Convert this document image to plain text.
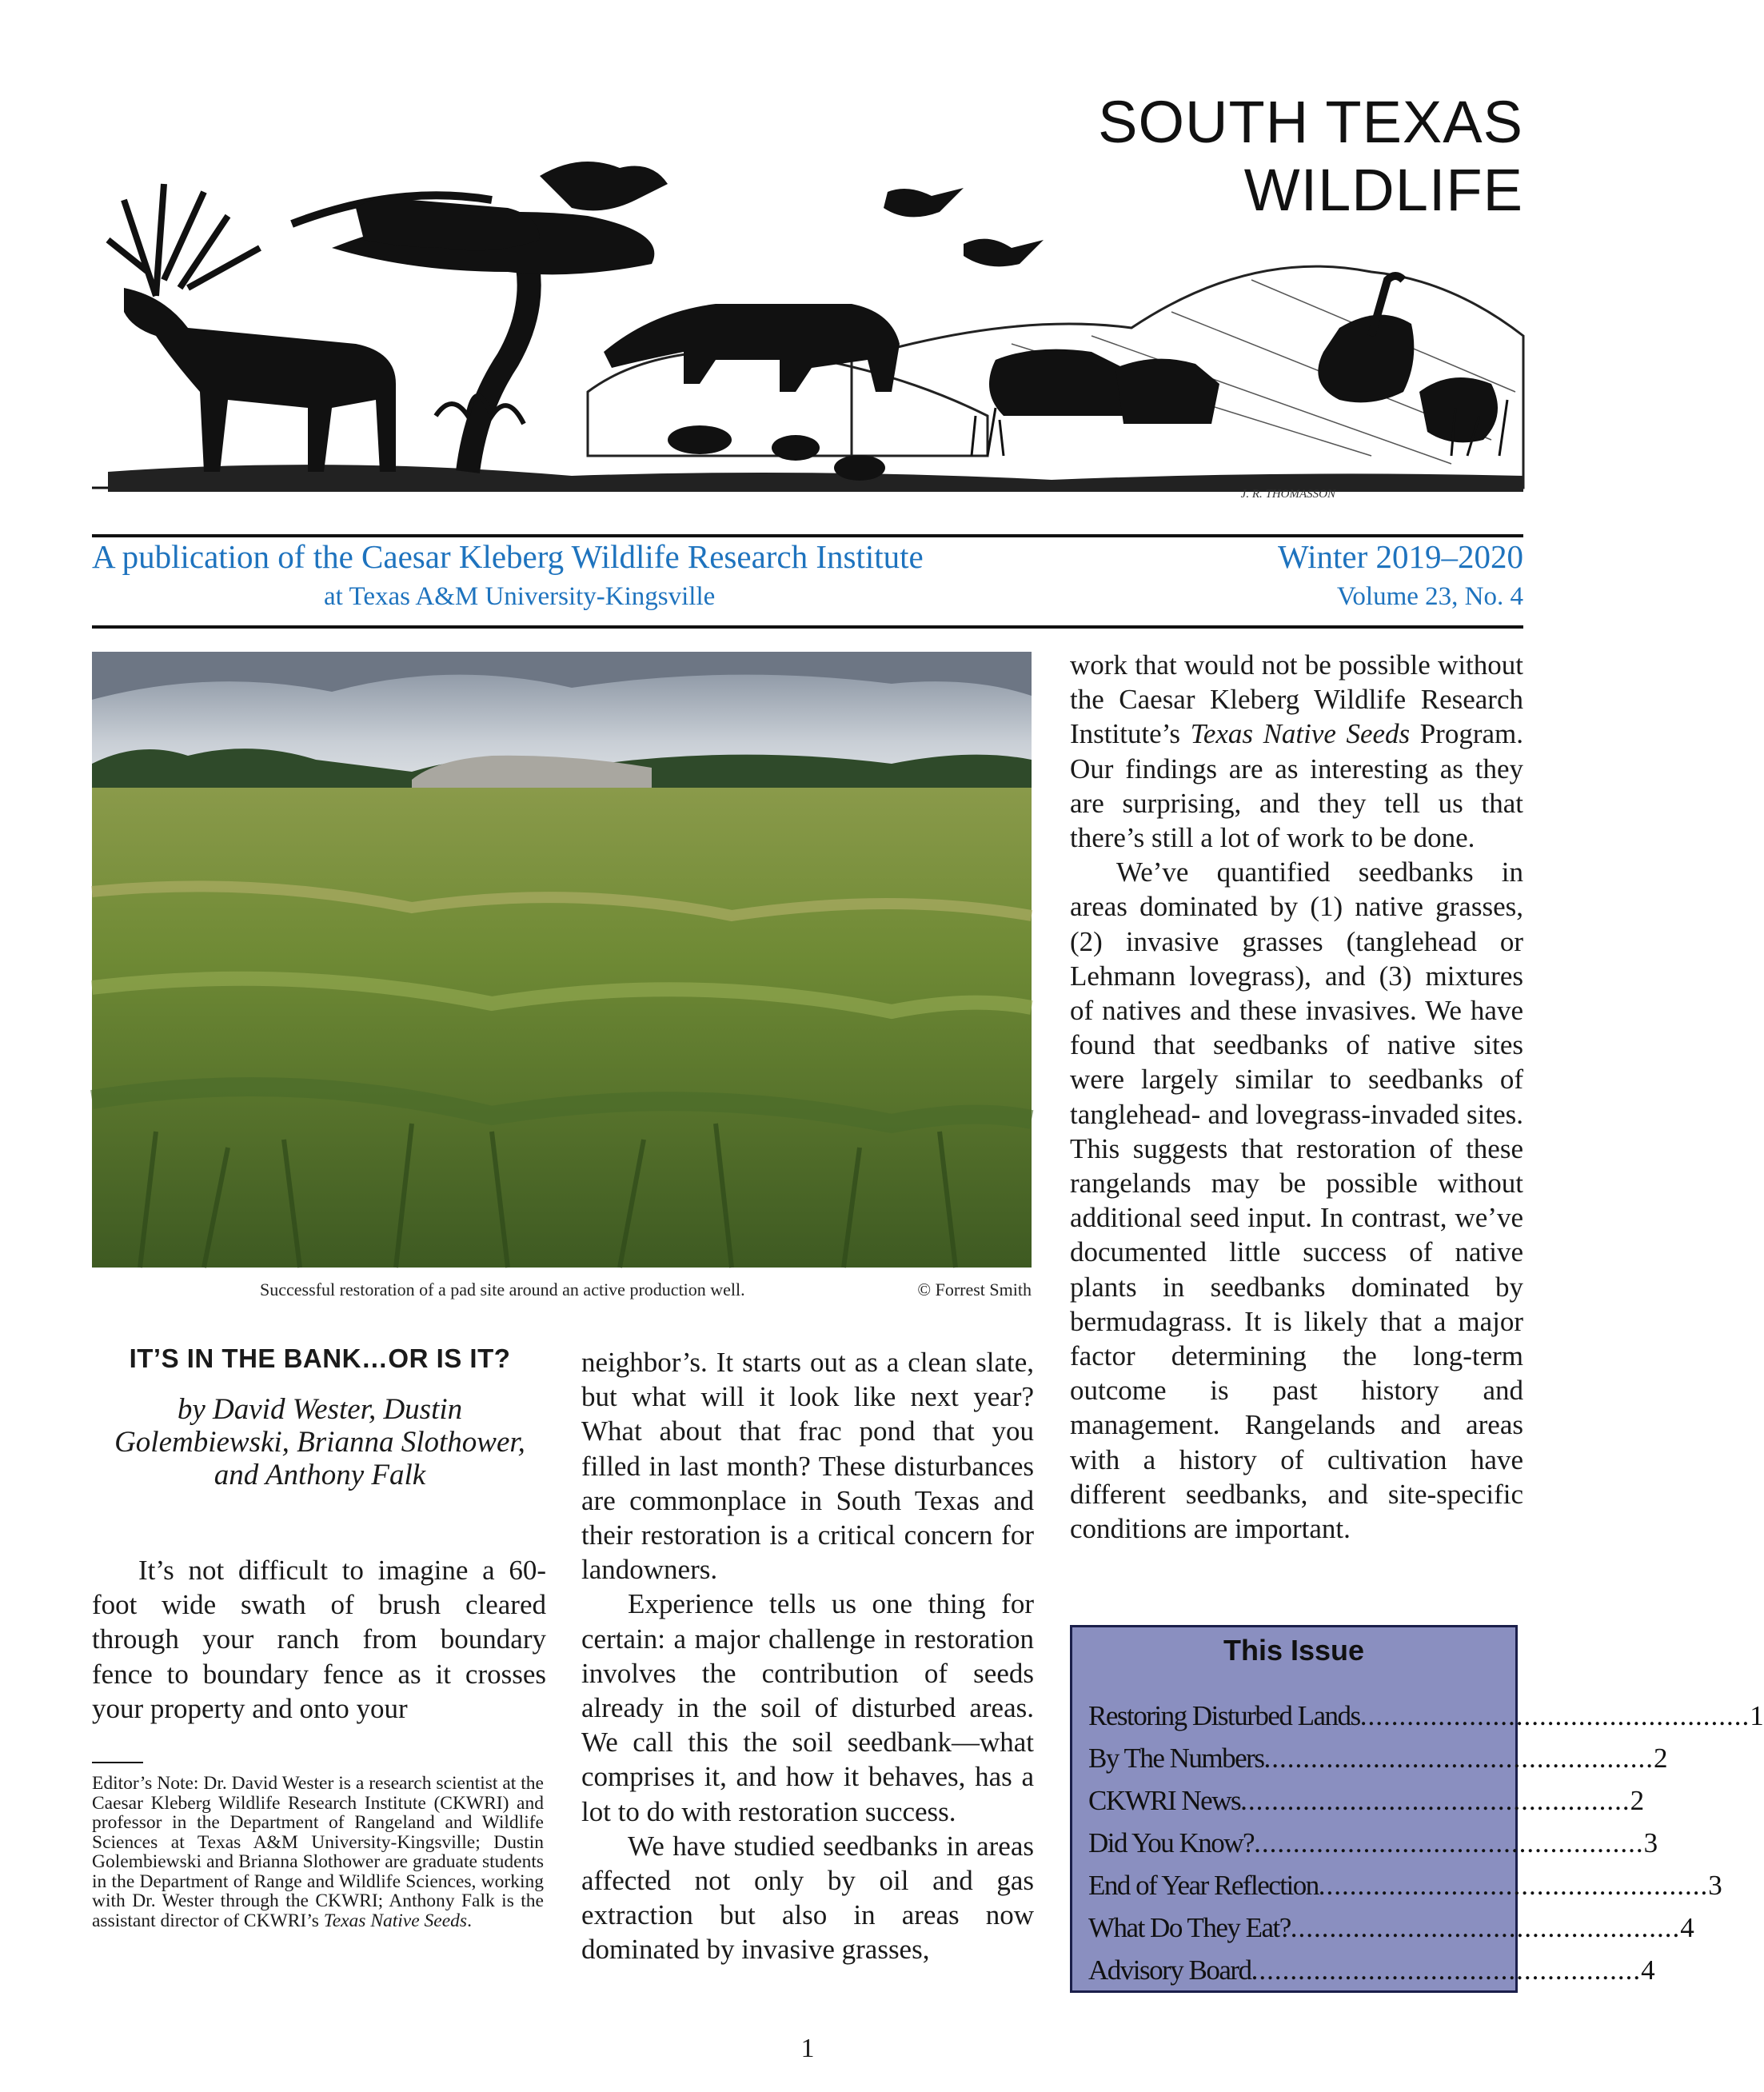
SOUTH TEXAS WILDLIFE
J. R. THOMASSON
A publication of the Caesar Kleberg Wildlife Research Institute
at Texas A&M University-Kingsville
Winter 2019–2020
Volume 23, No. 4
Successful restoration of a pad site around an active production well.	© Forrest Smith
IT’S IN THE BANK…OR IS IT?
by David Wester, Dustin
Golembiewski, Brianna Slothower,
and Anthony Falk

It’s not difficult to imagine a 60-foot wide swath of brush cleared through your ranch from boundary fence to boundary fence as it crosses your property and onto your

Editor’s Note: Dr. David Wester is a research scientist at the Caesar Kleberg Wildlife Research Institute (CKWRI) and professor in the Department of Rangeland and Wildlife Sciences at Texas A&M University-Kingsville; Dustin Golembiewski and Brianna Slothower are graduate students in the Department of Range and Wildlife Sciences, working with Dr. Wester through the CKWRI; Anthony Falk is the assistant director of CKWRI’s Texas Native Seeds.

neighbor’s. It starts out as a clean slate, but what will it look like next year? What about that frac pond that you filled in last month? These disturbances are commonplace in South Texas and their restoration is a critical concern for landowners.

Experience tells us one thing for certain: a major challenge in restoration involves the contribution of seeds already in the soil of disturbed areas. We call this the soil seedbank—what comprises it, and how it behaves, has a lot to do with restoration success.

We have studied seedbanks in areas affected not only by oil and gas extraction but also in areas now dominated by invasive grasses,

work that would not be possible without the Caesar Kleberg Wildlife Research Institute’s Texas Native Seeds Program. Our findings are as interesting as they are surprising, and they tell us that there’s still a lot of work to be done.

We’ve quantified seedbanks in areas dominated by (1) native grasses, (2) invasive grasses (tanglehead or Lehmann lovegrass), and (3) mixtures of natives and these invasives. We have found that seedbanks of native sites were largely similar to seedbanks of tanglehead- and lovegrass-invaded sites. This suggests that restoration of these rangelands may be possible without additional seed input. In contrast, we’ve documented little success of native plants in seedbanks dominated by bermudagrass. It is likely that a major factor determining the long-term outcome is past history and management. Rangelands and areas with a history of cultivation have different seedbanks, and site-specific conditions are important.

This Issue
Restoring Disturbed Lands .................................................. 1
By The Numbers .................................................. 2
CKWRI News .................................................. 2
Did You Know? .................................................. 3
End of Year Reflection .................................................. 3
What Do They Eat? .................................................. 4
Advisory Board .................................................. 4
1
